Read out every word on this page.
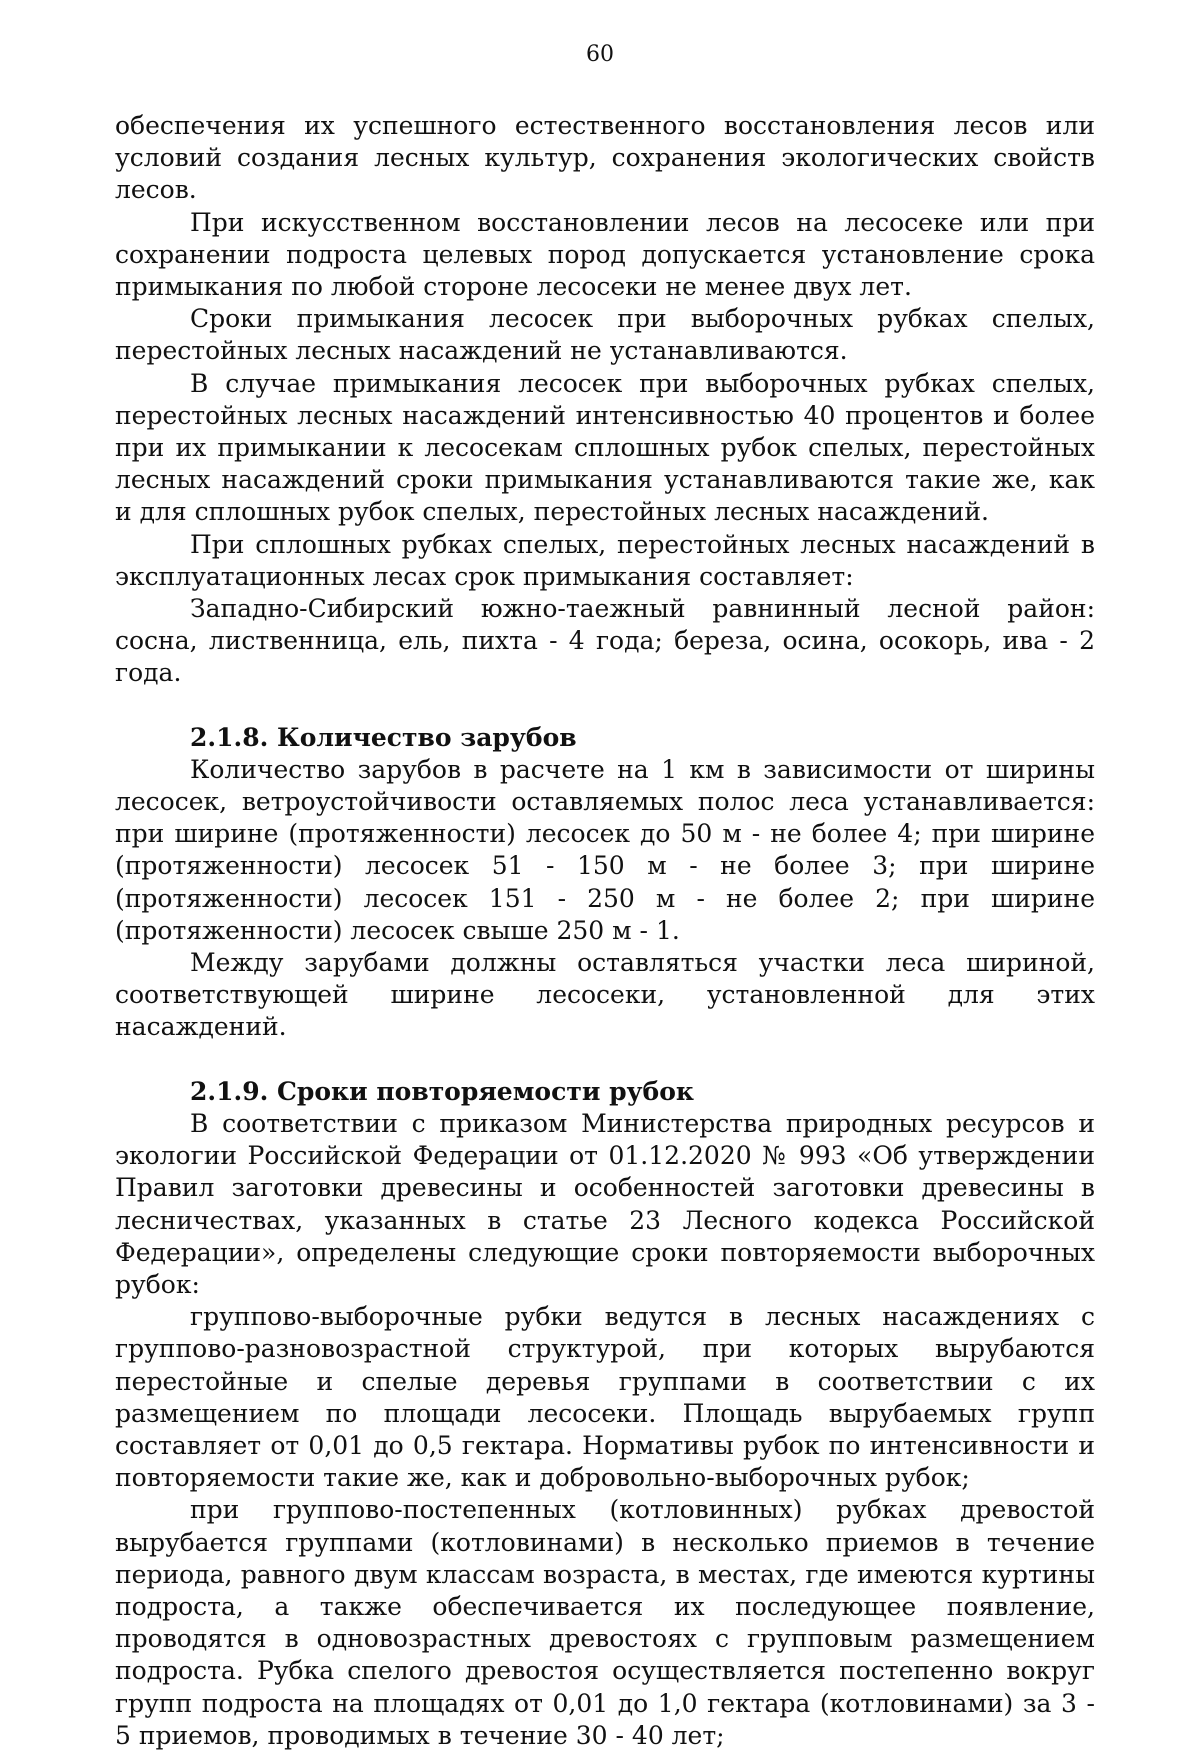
60

обеспечения их успешного естественного восстановления лесов или условий создания лесных культур, сохранения экологических свойств лесов.

При искусственном восстановлении лесов на лесосеке или при сохранении подроста целевых пород допускается установление срока примыкания по любой стороне лесосеки не менее двух лет.

Сроки примыкания лесосек при выборочных рубках спелых, перестойных лесных насаждений не устанавливаются.

В случае примыкания лесосек при выборочных рубках спелых, перестойных лесных насаждений интенсивностью 40 процентов и более при их примыкании к лесосекам сплошных рубок спелых, перестойных лесных насаждений сроки примыкания устанавливаются такие же, как и для сплошных рубок спелых, перестойных лесных насаждений.

При сплошных рубках спелых, перестойных лесных насаждений в эксплуатационных лесах срок примыкания составляет:

Западно-Сибирский южно-таежный равнинный лесной район: сосна, лиственница, ель, пихта - 4 года; береза, осина, осокорь, ива - 2 года.

2.1.8. Количество зарубов

Количество зарубов в расчете на 1 км в зависимости от ширины лесосек, ветроустойчивости оставляемых полос леса устанавливается: при ширине (протяженности) лесосек до 50 м - не более 4; при ширине (протяженности) лесосек 51 - 150 м - не более 3; при ширине (протяженности) лесосек 151 - 250 м - не более 2; при ширине (протяженности) лесосек свыше 250 м - 1.

Между зарубами должны оставляться участки леса шириной, соответствующей ширине лесосеки, установленной для этих насаждений.

2.1.9. Сроки повторяемости рубок

В соответствии с приказом Министерства природных ресурсов и экологии Российской Федерации от 01.12.2020 № 993 «Об утверждении Правил заготовки древесины и особенностей заготовки древесины в лесничествах, указанных в статье 23 Лесного кодекса Российской Федерации», определены следующие сроки повторяемости выборочных рубок:

группово-выборочные рубки ведутся в лесных насаждениях с группово-разновозрастной структурой, при которых вырубаются перестойные и спелые деревья группами в соответствии с их размещением по площади лесосеки. Площадь вырубаемых групп составляет от 0,01 до 0,5 гектара. Нормативы рубок по интенсивности и повторяемости такие же, как и добровольно-выборочных рубок;

при группово-постепенных (котловинных) рубках древостой вырубается группами (котловинами) в несколько приемов в течение периода, равного двум классам возраста, в местах, где имеются куртины подроста, а также обеспечивается их последующее появление, проводятся в одновозрастных древостоях с групповым размещением подроста. Рубка спелого древостоя осуществляется постепенно вокруг групп подроста на площадях от 0,01 до 1,0 гектара (котловинами) за 3 - 5 приемов, проводимых в течение 30 - 40 лет;
